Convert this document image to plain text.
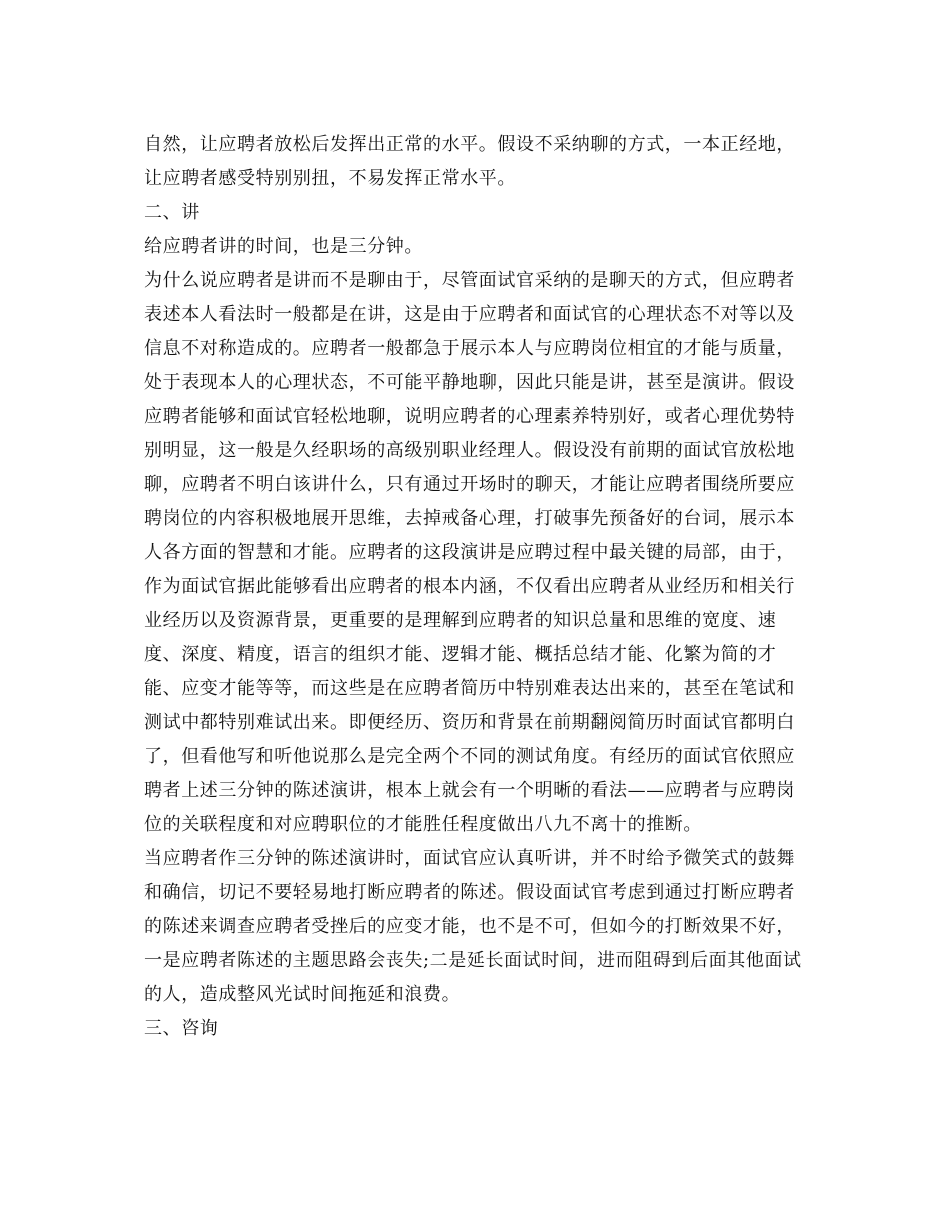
自然，让应聘者放松后发挥出正常的水平。假设不采纳聊的方式，一本正经地，
让应聘者感受特别别扭，不易发挥正常水平。
二、讲
给应聘者讲的时间，也是三分钟。
为什么说应聘者是讲而不是聊由于，尽管面试官采纳的是聊天的方式，但应聘者
表述本人看法时一般都是在讲，这是由于应聘者和面试官的心理状态不对等以及
信息不对称造成的。应聘者一般都急于展示本人与应聘岗位相宜的才能与质量，
处于表现本人的心理状态，不可能平静地聊，因此只能是讲，甚至是演讲。假设
应聘者能够和面试官轻松地聊，说明应聘者的心理素养特别好，或者心理优势特
别明显，这一般是久经职场的高级别职业经理人。假设没有前期的面试官放松地
聊，应聘者不明白该讲什么，只有通过开场时的聊天，才能让应聘者围绕所要应
聘岗位的内容积极地展开思维，去掉戒备心理，打破事先预备好的台词，展示本
人各方面的智慧和才能。应聘者的这段演讲是应聘过程中最关键的局部，由于，
作为面试官据此能够看出应聘者的根本内涵，不仅看出应聘者从业经历和相关行
业经历以及资源背景，更重要的是理解到应聘者的知识总量和思维的宽度、速
度、深度、精度，语言的组织才能、逻辑才能、概括总结才能、化繁为简的才
能、应变才能等等，而这些是在应聘者简历中特别难表达出来的，甚至在笔试和
测试中都特别难试出来。即便经历、资历和背景在前期翻阅简历时面试官都明白
了，但看他写和听他说那么是完全两个不同的测试角度。有经历的面试官依照应
聘者上述三分钟的陈述演讲，根本上就会有一个明晰的看法——应聘者与应聘岗
位的关联程度和对应聘职位的才能胜任程度做出八九不离十的推断。
当应聘者作三分钟的陈述演讲时，面试官应认真听讲，并不时给予微笑式的鼓舞
和确信，切记不要轻易地打断应聘者的陈述。假设面试官考虑到通过打断应聘者
的陈述来调查应聘者受挫后的应变才能，也不是不可，但如今的打断效果不好，
一是应聘者陈述的主题思路会丧失;二是延长面试时间，进而阻碍到后面其他面试
的人，造成整风光试时间拖延和浪费。
三、咨询
